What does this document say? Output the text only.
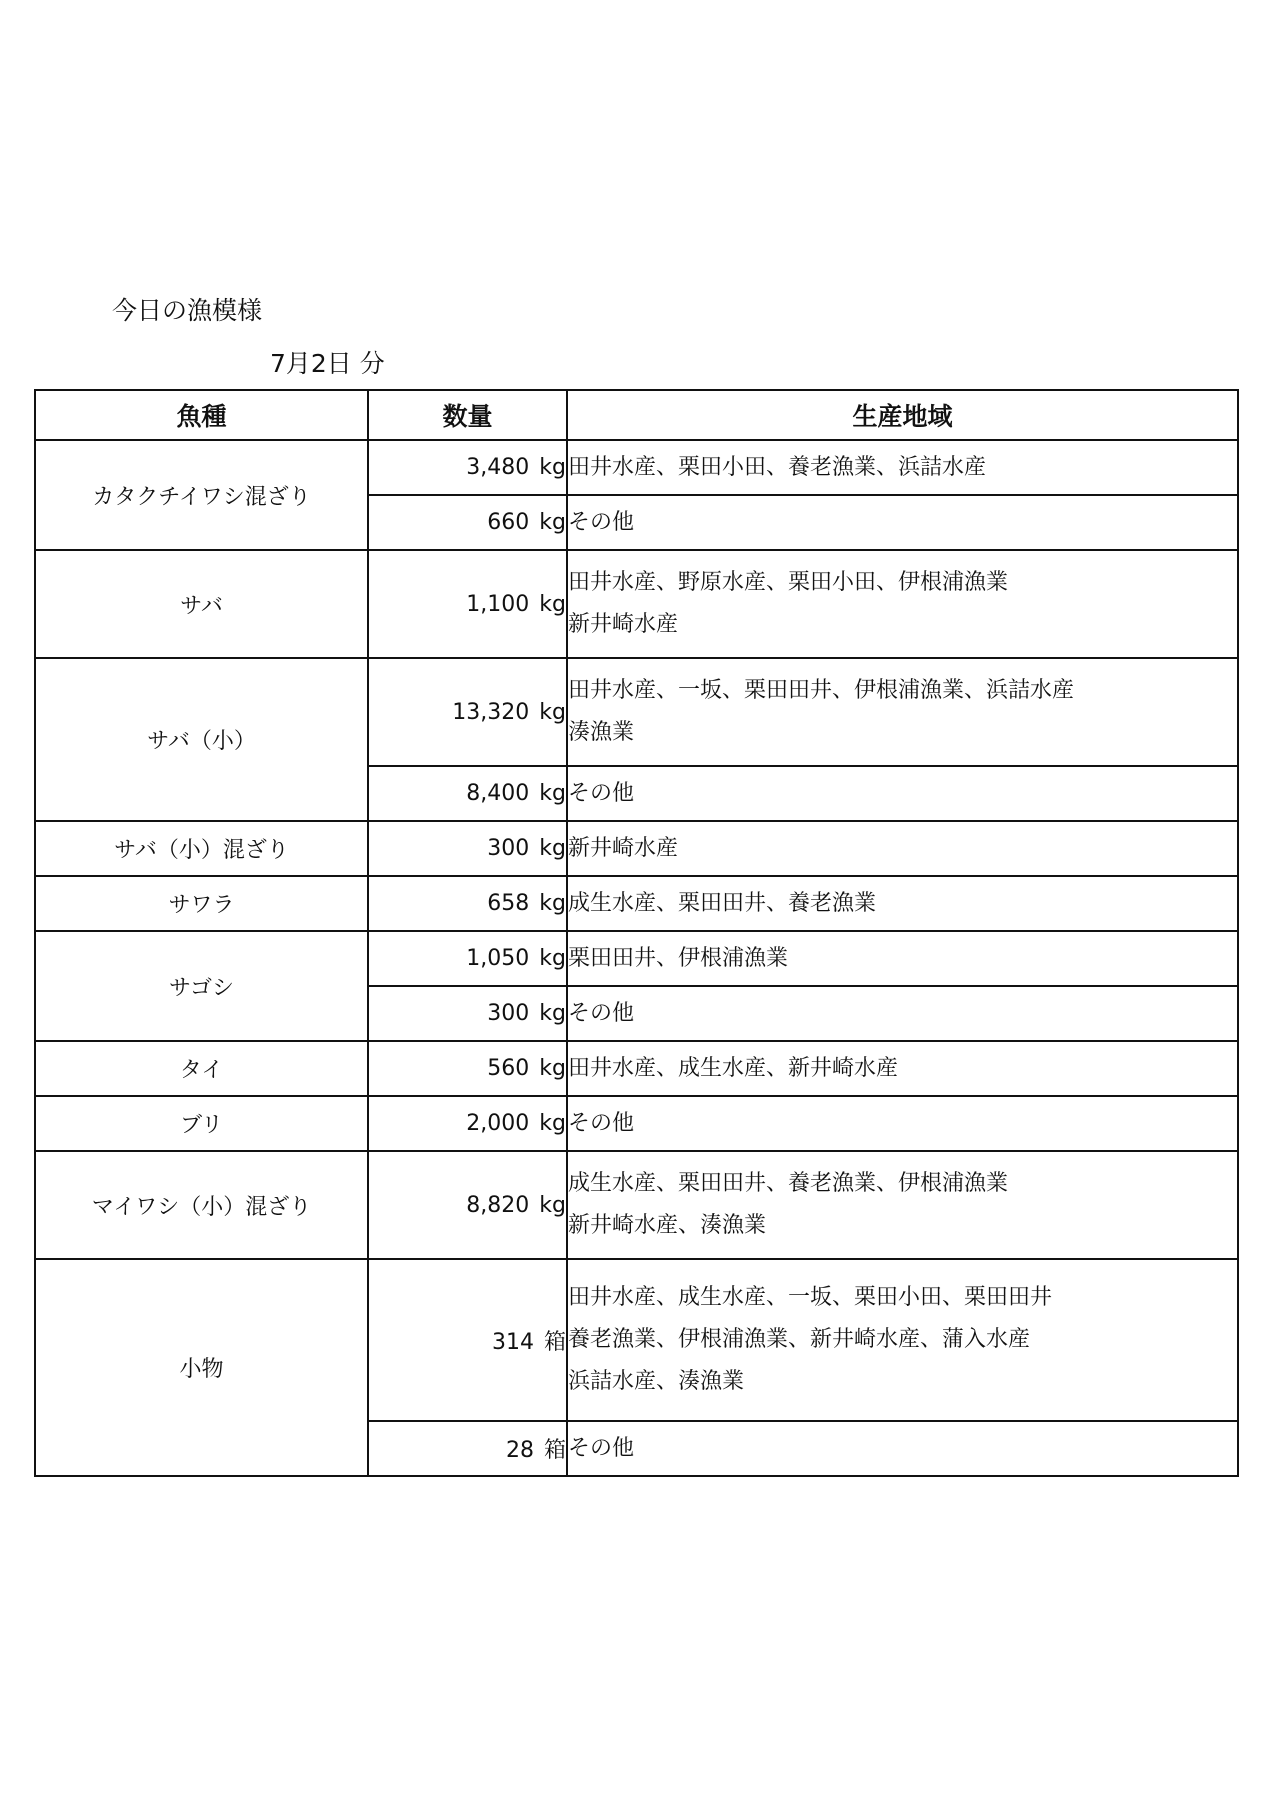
今日の漁模様
7月2日 分
魚種	数量	生産地域
カタクチイワシ混ざり	3,480 kg	田井水産、栗田小田、養老漁業、浜詰水産

	660 kg	その他

サバ	1,100 kg	田井水産、野原水産、栗田小田、伊根浦漁業
新井崎水産

サバ（小）	13,320 kg	田井水産、一坂、栗田田井、伊根浦漁業、浜詰水産
湊漁業

	8,400 kg	その他

サバ（小）混ざり	300 kg	新井崎水産

サワラ	658 kg	成生水産、栗田田井、養老漁業

サゴシ	1,050 kg	栗田田井、伊根浦漁業

	300 kg	その他

タイ	560 kg	田井水産、成生水産、新井崎水産

ブリ	2,000 kg	その他

マイワシ（小）混ざり	8,820 kg	成生水産、栗田田井、養老漁業、伊根浦漁業
新井崎水産、湊漁業

小物	314 箱	田井水産、成生水産、一坂、栗田小田、栗田田井
養老漁業、伊根浦漁業、新井崎水産、蒲入水産
浜詰水産、湊漁業

	28 箱	その他
